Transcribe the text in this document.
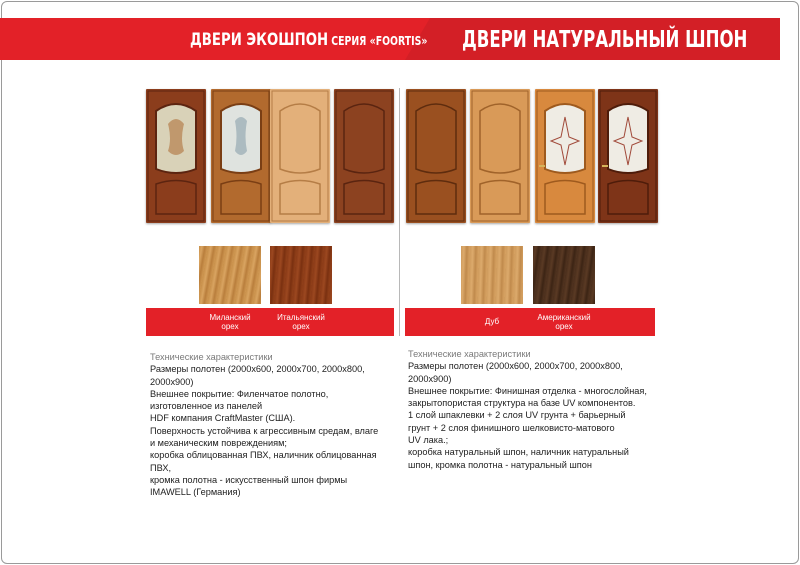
ДВЕРИ ЭКОШПОН СЕРИЯ «FOORTIS» ДВЕРИ НАТУРАЛЬНЫЙ ШПОН
Миланский
орех
Итальянский
орех
Дуб	Американский
орех
Технические характеристики
Размеры полотен (2000х600, 2000х700, 2000х800,
2000х900)
Внешнее покрытие: Филенчатое полотно,
изготовленное из панелей
HDF компания CraftMaster (США).
Поверхность устойчива к агрессивным средам, влаге
и механическим повреждениям;
коробка облицованная ПВХ, наличник облицованная
ПВХ,
кромка полотна - искусственный шпон фирмы
IMAWELL (Германия)
Технические характеристики
Размеры полотен (2000х600, 2000х700, 2000х800,
2000х900)
Внешнее покрытие: Финишная отделка - многослойная,
закрытопористая структура на базе UV компонентов.
1 слой шпаклевки + 2 слоя UV грунта + барьерный
грунт + 2 слоя финишного шелковисто-матового
UV лака.;
коробка натуральный шпон, наличник натуральный
шпон, кромка полотна - натуральный шпон
